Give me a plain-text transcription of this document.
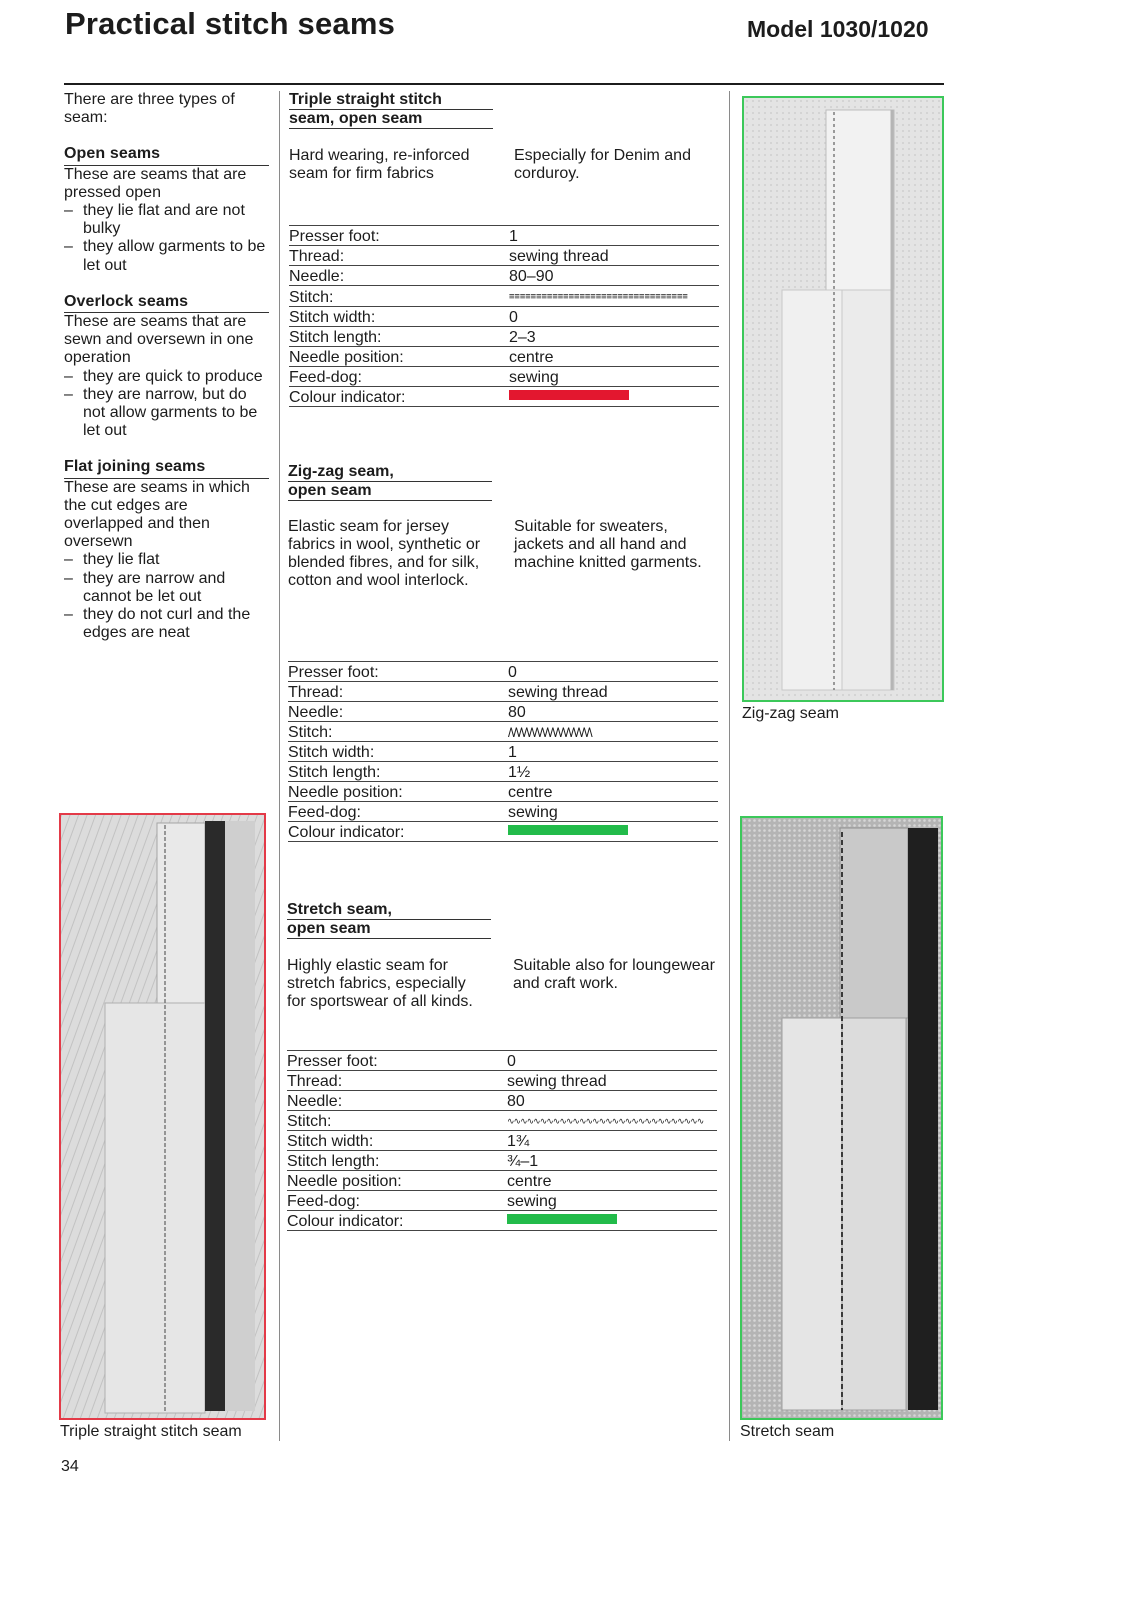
Practical stitch seams	Model 1030/1020

There are three types of seam:

Open seams

These are seams that are pressed open

– they lie flat and are not bulky
– they allow garments to be let out
Overlock seams

These are seams that are sewn and oversewn in one operation

– they are quick to produce
– they are narrow, but do not allow garments to be let out
Flat joining seams

These are seams in which the cut edges are overlapped and then oversewn

– they lie flat
– they are narrow and cannot be let out
– they do not curl and the edges are neat
Triple straight stitch
seam, open seam
Hard wearing, re-inforced seam for firm fabrics
Especially for Denim and corduroy.
Presser foot:	1
Thread:	sewing thread
Needle:	80–90
Stitch:	≡≡≡≡≡≡≡≡≡≡≡≡≡≡≡≡≡≡≡≡≡≡≡≡≡≡≡≡≡≡≡≡≡
Stitch width:	0
Stitch length:	2–3
Needle position:	centre
Feed-dog:	sewing
Colour indicator:	
Zig-zag seam,
open seam
Elastic seam for jersey fabrics in wool, synthetic or blended fibres, and for silk, cotton and wool interlock.
Suitable for sweaters, jackets and all hand and machine knitted garments.
Presser foot:	0
Thread:	sewing thread
Needle:	80
Stitch:	/\/\/\/\/\/\/\/\/\/\/\/\/\/\/\/\
Stitch width:	1
Stitch length:	1½
Needle position:	centre
Feed-dog:	sewing
Colour indicator:	
Stretch seam,
open seam
Highly elastic seam for stretch fabrics, especially for sportswear of all kinds.
Suitable also for loungewear and craft work.
Presser foot:	0
Thread:	sewing thread
Needle:	80
Stitch:	∿∿∿∿∿∿∿∿∿∿∿∿∿∿∿∿∿∿∿∿∿∿∿∿∿∿∿∿∿∿
Stitch width:	1¾
Stitch length:	¾–1
Needle position:	centre
Feed-dog:	sewing
Colour indicator:	
Zig-zag seam
Triple straight stitch seam	Stretch seam
34
